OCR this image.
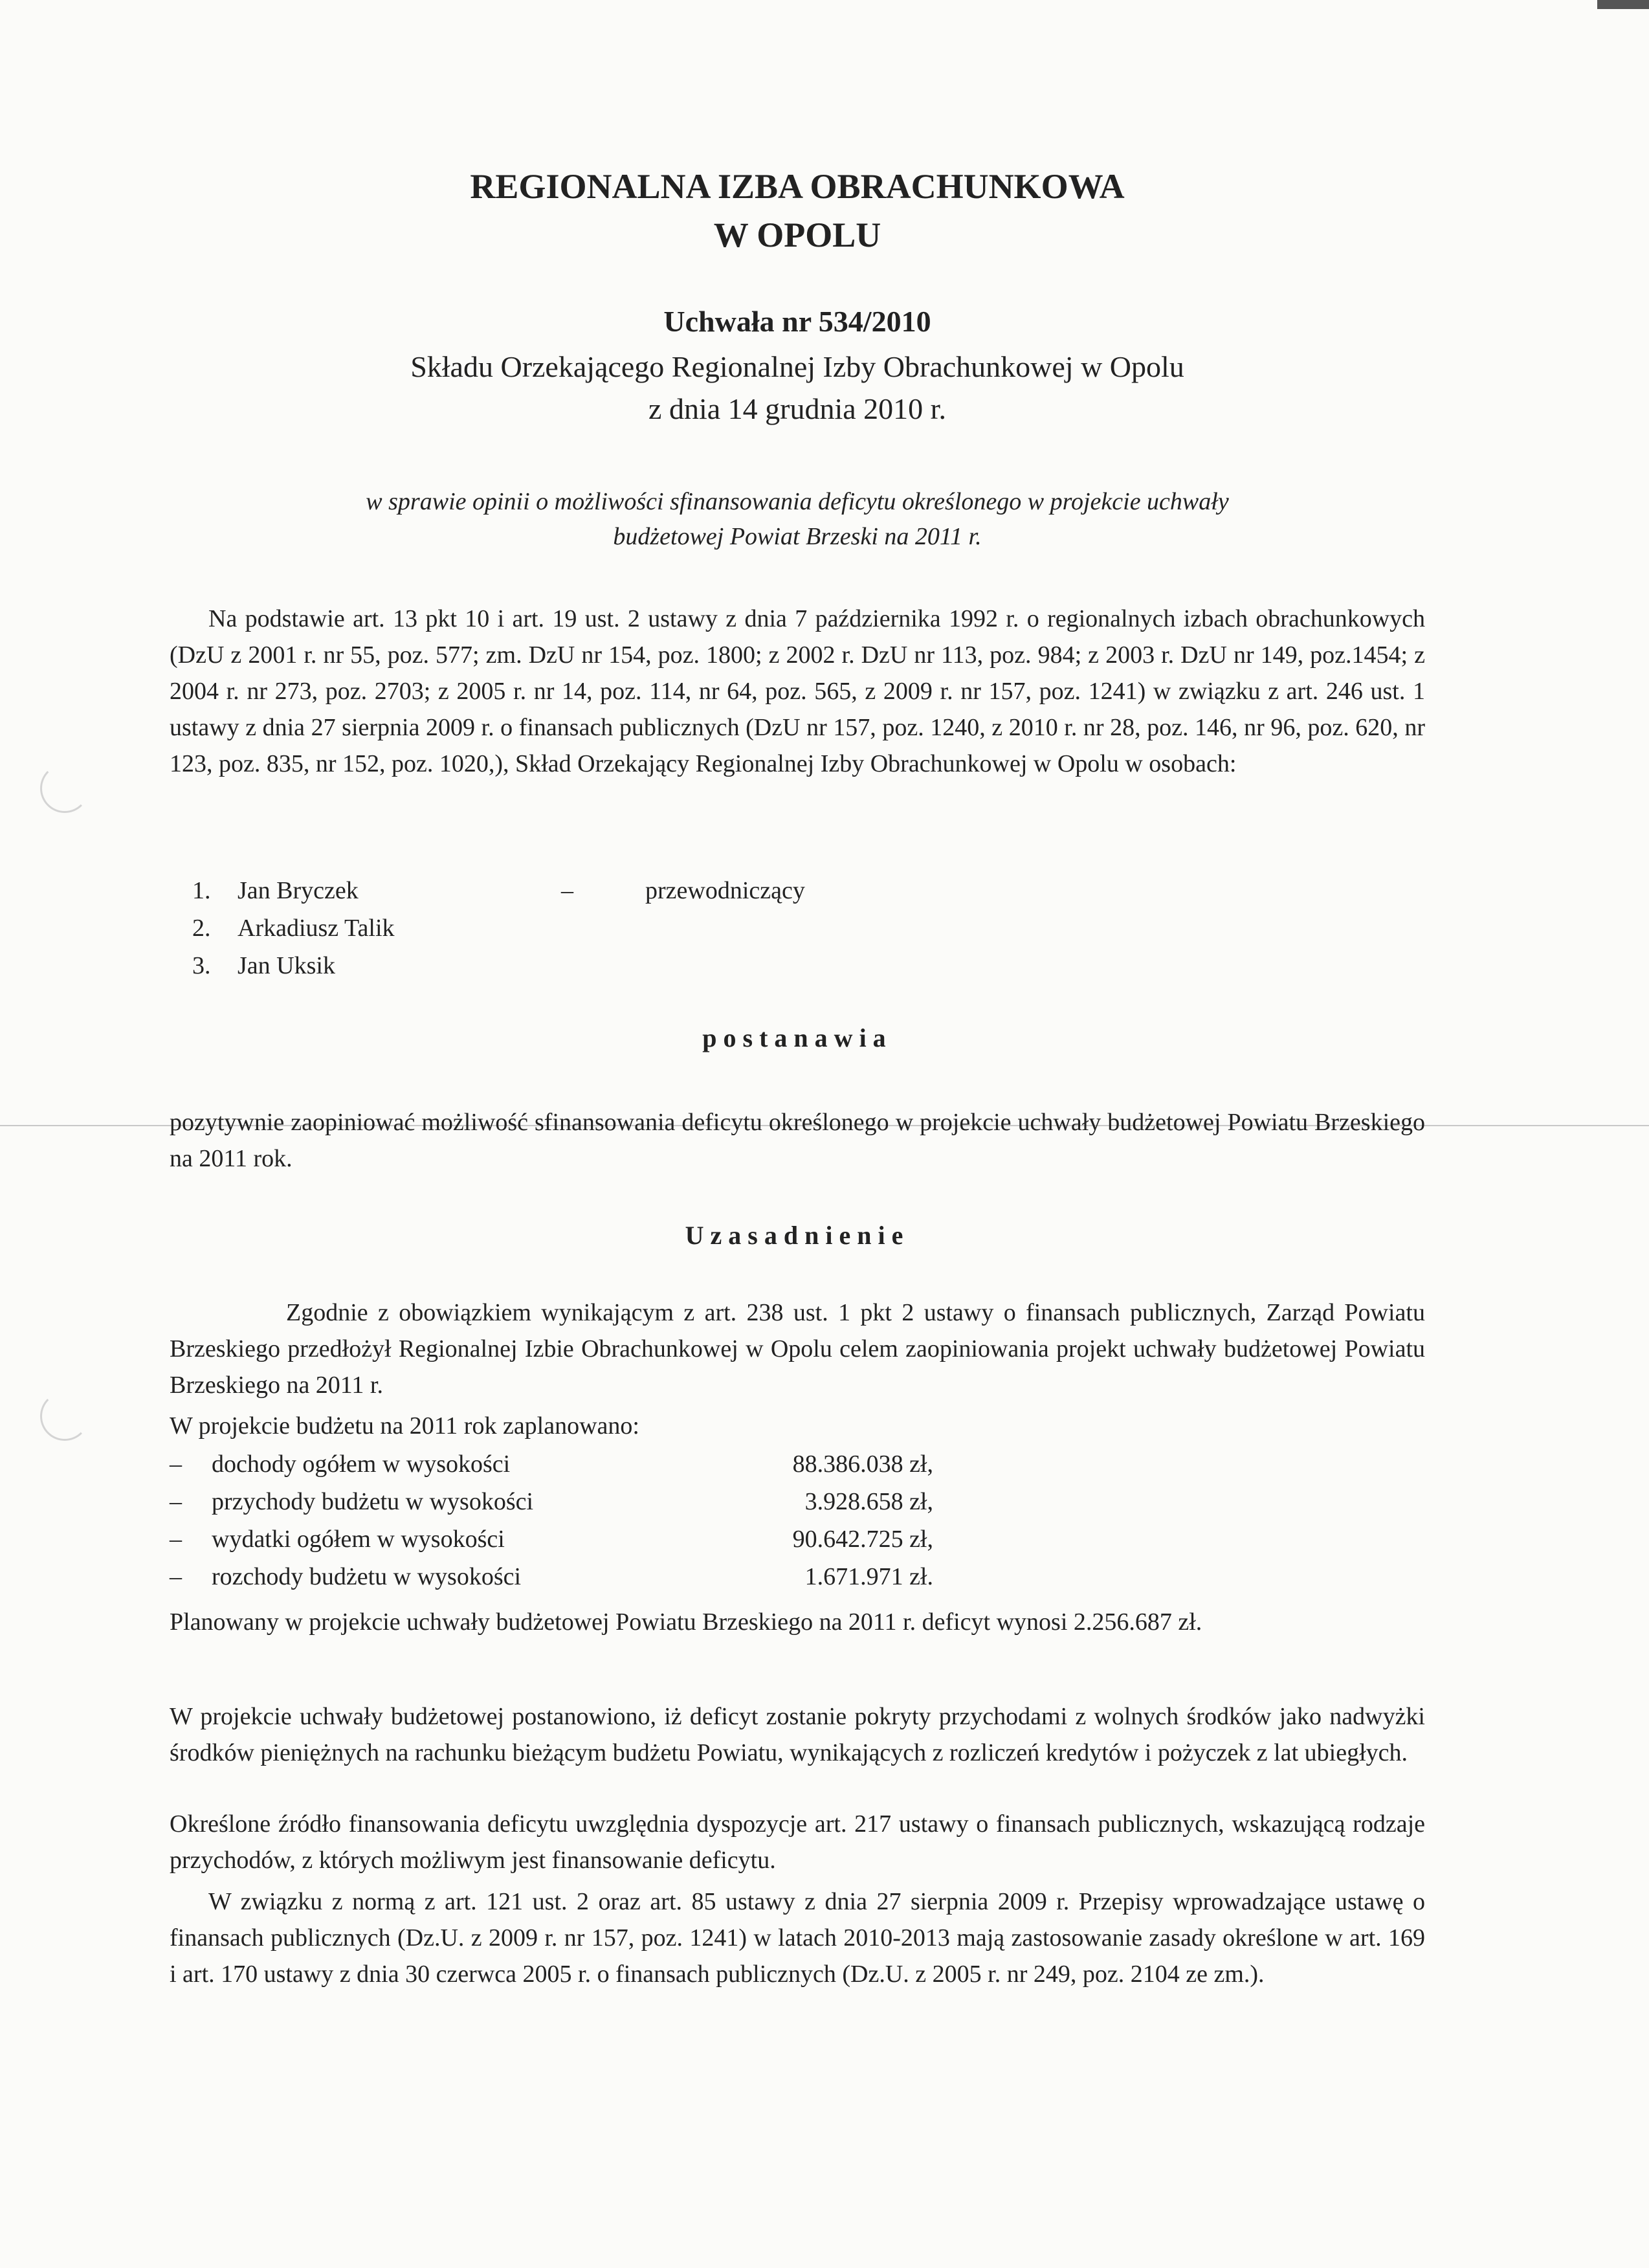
REGIONALNA IZBA OBRACHUNKOWA
W OPOLU
Uchwała nr 534/2010
Składu Orzekającego Regionalnej Izby Obrachunkowej w Opolu
z dnia 14 grudnia 2010 r.
w sprawie opinii o możliwości sfinansowania deficytu określonego w projekcie uchwały
budżetowej Powiat Brzeski na 2011 r.

Na podstawie art. 13 pkt 10 i art. 19 ust. 2 ustawy z dnia 7 października 1992 r. o regionalnych izbach obrachunkowych (DzU z 2001 r. nr 55, poz. 577; zm. DzU nr 154, poz. 1800; z 2002 r. DzU nr 113, poz. 984; z 2003 r. DzU nr 149, poz.1454; z 2004 r. nr 273, poz. 2703; z 2005 r. nr 14, poz. 114, nr 64, poz. 565, z 2009 r. nr 157, poz. 1241) w związku z art. 246 ust. 1 ustawy z dnia 27 sierpnia 2009 r. o finansach publicznych (DzU nr 157, poz. 1240, z 2010 r. nr 28, poz. 146, nr 96, poz. 620, nr 123, poz. 835, nr 152, poz. 1020,), Skład Orzekający Regionalnej Izby Obrachunkowej w Opolu w osobach:

1. Jan Bryczek	–	przewodniczący
2. Arkadiusz Talik
3. Jan Uksik
postanawia

pozytywnie zaopiniować możliwość sfinansowania deficytu określonego w projekcie uchwały budżetowej Powiatu Brzeskiego na 2011 rok.

Uzasadnienie

Zgodnie z obowiązkiem wynikającym z art. 238 ust. 1 pkt 2 ustawy o finansach publicznych, Zarząd Powiatu Brzeskiego przedłożył Regionalnej Izbie Obrachunkowej w Opolu celem zaopiniowania projekt uchwały budżetowej Powiatu Brzeskiego na 2011 r.

W projekcie budżetu na 2011 rok zaplanowano:
– dochody ogółem w wysokości	88.386.038 zł,
– przychody budżetu w wysokości	3.928.658 zł,
– wydatki ogółem w wysokości	90.642.725 zł,
– rozchody budżetu w wysokości	1.671.971 zł.

Planowany w projekcie uchwały budżetowej Powiatu Brzeskiego na 2011 r. deficyt wynosi 2.256.687 zł.

W projekcie uchwały budżetowej postanowiono, iż deficyt zostanie pokryty przychodami z wolnych środków jako nadwyżki środków pieniężnych na rachunku bieżącym budżetu Powiatu, wynikających z rozliczeń kredytów i pożyczek z lat ubiegłych.

Określone źródło finansowania deficytu uwzględnia dyspozycje art. 217 ustawy o finansach publicznych, wskazującą rodzaje przychodów, z których możliwym jest finansowanie deficytu.

W związku z normą z art. 121 ust. 2 oraz art. 85 ustawy z dnia 27 sierpnia 2009 r. Przepisy wprowadzające ustawę o finansach publicznych (Dz.U. z 2009 r. nr 157, poz. 1241) w latach 2010-2013 mają zastosowanie zasady określone w art. 169 i art. 170 ustawy z dnia 30 czerwca 2005 r. o finansach publicznych (Dz.U. z 2005 r. nr 249, poz. 2104 ze zm.).
